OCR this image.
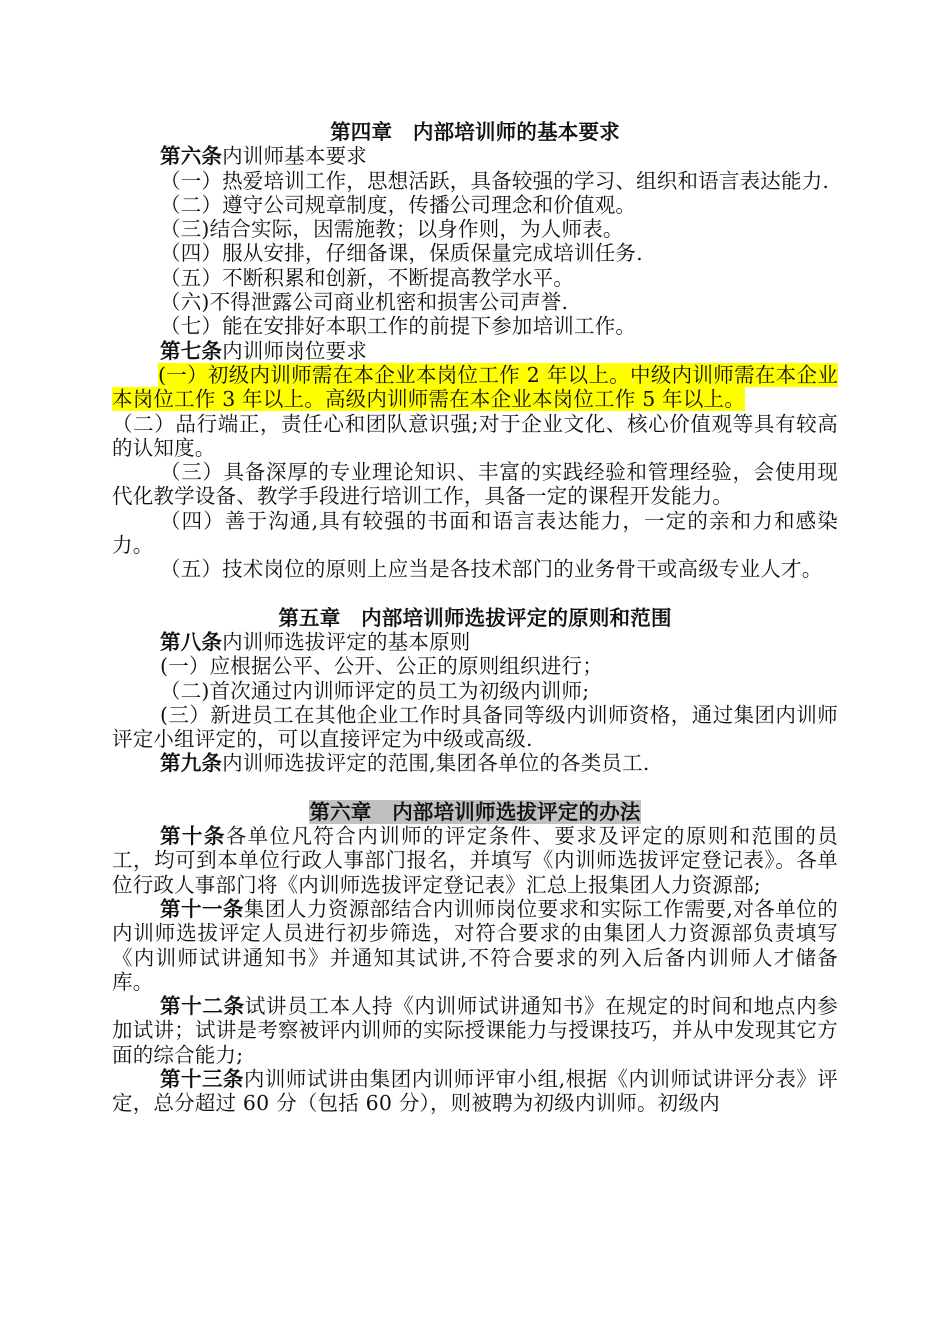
第四章　内部培训师的基本要求

第六条内训师基本要求

（一）热爱培训工作，思想活跃，具备较强的学习、组织和语言表达能力.

（二）遵守公司规章制度，传播公司理念和价值观。

（三)结合实际，因需施教；以身作则，为人师表。

（四）服从安排，仔细备课，保质保量完成培训任务.

（五）不断积累和创新，不断提高教学水平。

（六)不得泄露公司商业机密和损害公司声誉.

（七）能在安排好本职工作的前提下参加培训工作。

第七条内训师岗位要求

(一）初级内训师需在本企业本岗位工作 2 年以上。中级内训师需在本企业本岗位工作 3 年以上。高级内训师需在本企业本岗位工作 5 年以上。

（二）品行端正，责任心和团队意识强;对于企业文化、核心价值观等具有较高的认知度。

（三）具备深厚的专业理论知识、丰富的实践经验和管理经验，会使用现代化教学设备、教学手段进行培训工作，具备一定的课程开发能力。

（四）善于沟通,具有较强的书面和语言表达能力，一定的亲和力和感染力。

（五）技术岗位的原则上应当是各技术部门的业务骨干或高级专业人才。

第五章　内部培训师选拔评定的原则和范围

第八条内训师选拔评定的基本原则

(一）应根据公平、公开、公正的原则组织进行；

（二)首次通过内训师评定的员工为初级内训师;

(三）新进员工在其他企业工作时具备同等级内训师资格，通过集团内训师评定小组评定的，可以直接评定为中级或高级.

第九条内训师选拔评定的范围,集团各单位的各类员工.

第六章　内部培训师选拔评定的办法

第十条各单位凡符合内训师的评定条件、要求及评定的原则和范围的员工，均可到本单位行政人事部门报名，并填写《内训师选拔评定登记表》。各单位行政人事部门将《内训师选拔评定登记表》汇总上报集团人力资源部;

第十一条集团人力资源部结合内训师岗位要求和实际工作需要,对各单位的内训师选拔评定人员进行初步筛选，对符合要求的由集团人力资源部负责填写《内训师试讲通知书》并通知其试讲,不符合要求的列入后备内训师人才储备库。

第十二条试讲员工本人持《内训师试讲通知书》在规定的时间和地点内参加试讲；试讲是考察被评内训师的实际授课能力与授课技巧，并从中发现其它方面的综合能力;

第十三条内训师试讲由集团内训师评审小组,根据《内训师试讲评分表》评定，总分超过 60 分（包括 60 分），则被聘为初级内训师。初级内
